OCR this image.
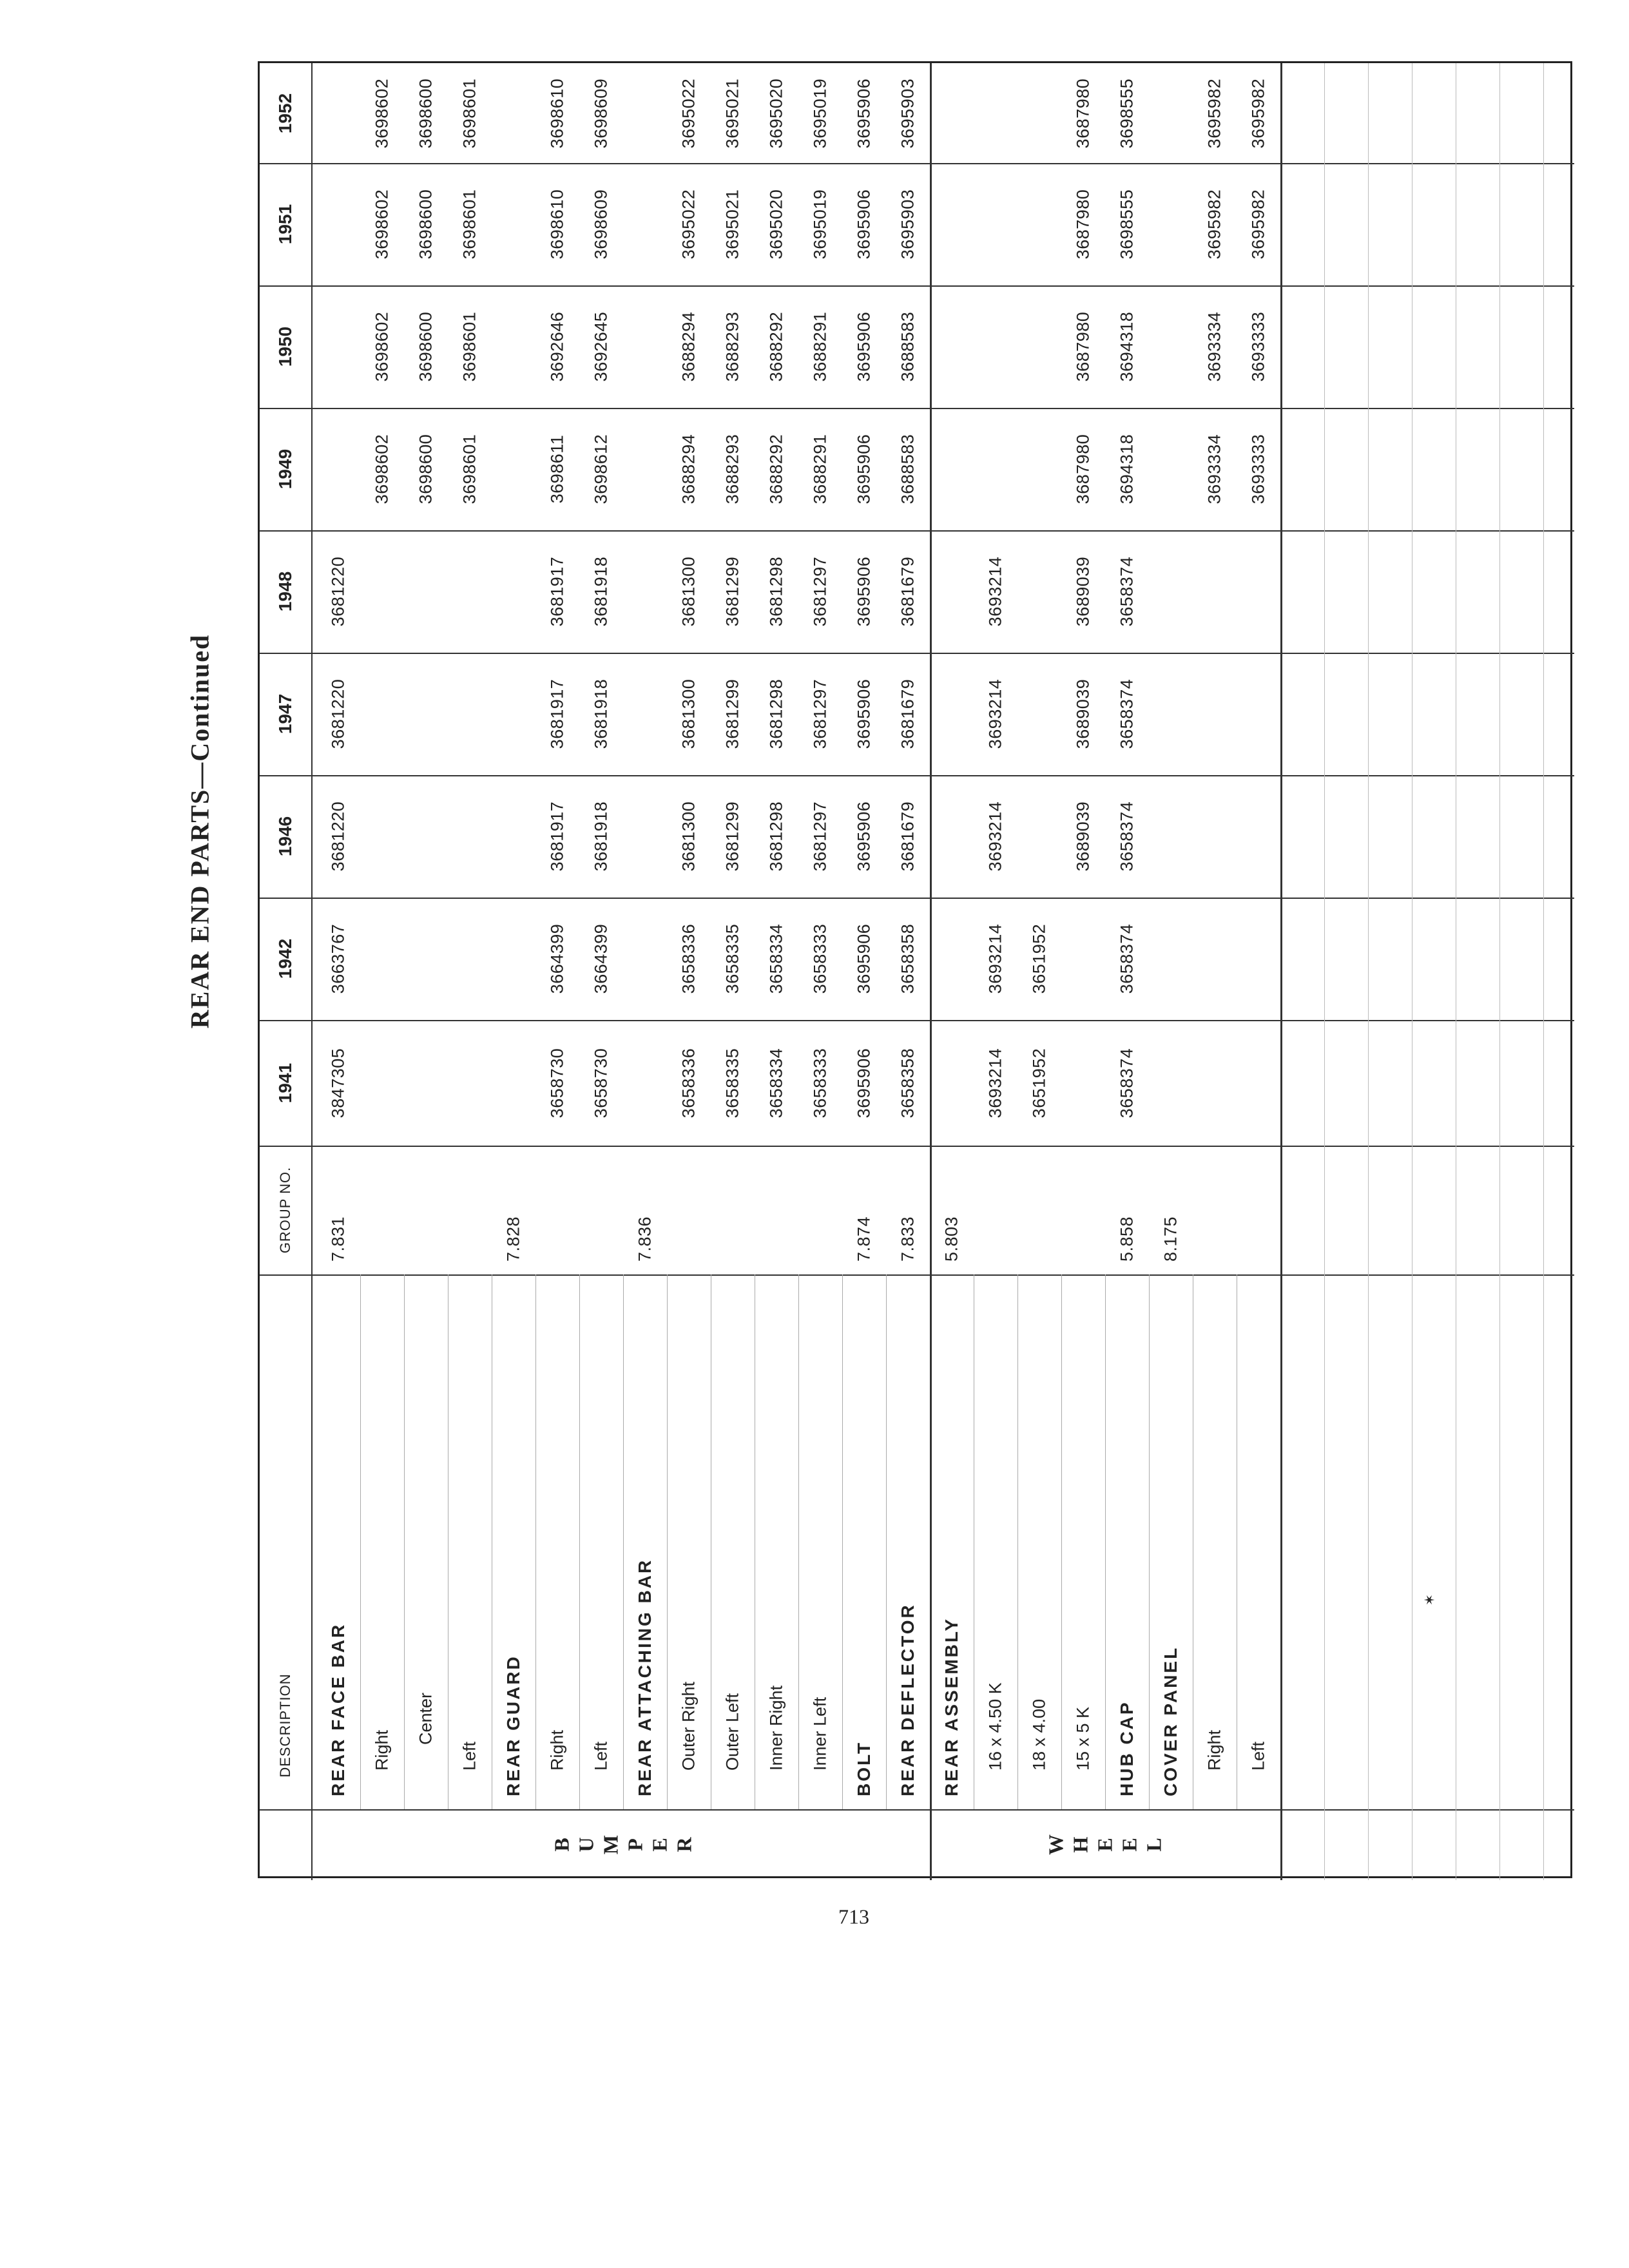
REAR END PARTS—Continued
1941
1942
1946
1947
1948
1949
1950
1951
1952
GROUP NO.
DESCRIPTION REAR FACE BAR
7.831
3847305
3663767
3681220
3681220
3681220
Right
3698602
3698602
3698602
3698602
Center
3698600
3698600
3698600
3698600
Left
3698601
3698601
3698601
3698601
REAR GUARD
7.828
Right
3658730
3664399
3681917
3681917
3681917
3698611
3692646
3698610
3698610
Left
3658730
3664399
3681918
3681918
3681918
3698612
3692645
3698609
3698609
REAR ATTACHING BAR
7.836
Outer Right
3658336
3658336
3681300
3681300
3681300
3688294
3688294
3695022
3695022
Outer Left
3658335
3658335
3681299
3681299
3681299
3688293
3688293
3695021
3695021
Inner Right
3658334
3658334
3681298
3681298
3681298
3688292
3688292
3695020
3695020
Inner Left
3658333
3658333
3681297
3681297
3681297
3688291
3688291
3695019
3695019
BOLT
7.874
3695906
3695906
3695906
3695906
3695906
3695906
3695906
3695906
3695906
REAR DEFLECTOR
7.833
3658358
3658358
3681679
3681679
3681679
3688583
3688583
3695903
3695903
REAR ASSEMBLY
5.803
16 x 4.50 K
3693214
3693214
3693214
3693214
3693214
18 x 4.00
3651952
3651952
15 x 5 K
3689039
3689039
3689039
3687980
3687980
3687980
3687980
HUB CAP
5.858
3658374
3658374
3658374
3658374
3658374
3694318
3694318
3698555
3698555
COVER PANEL
8.175
Right
3693334
3693334
3695982
3695982
Left
3693333
3693333
3695982
3695982
B U M P E R	W H E E L
713
✶
